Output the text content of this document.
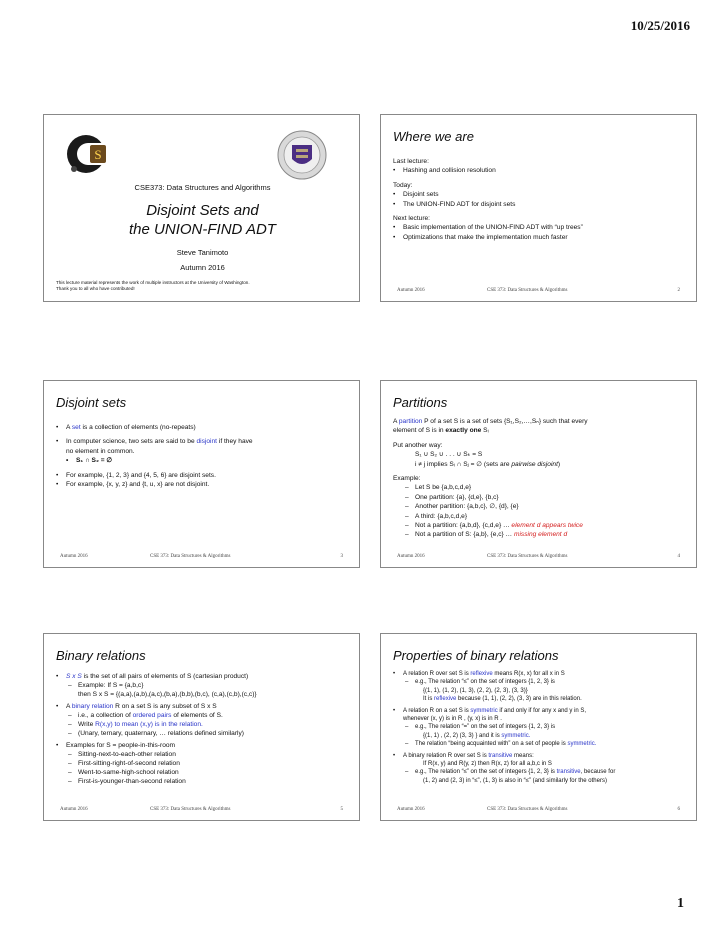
10/25/2016
S
CSE373: Data Structures and Algorithms
Disjoint Sets and
the UNION-FIND ADT
Steve Tanimoto
Autumn 2016
This lecture material represents the work of multiple instructors at the University of Washington.
Thank you to all who have contributed!
Where we are
Last lecture:
• Hashing and collision resolution
Today:
• Disjoint sets
• The UNION-FIND ADT for disjoint sets
Next lecture:
• Basic implementation of the UNION-FIND ADT with “up trees”
• Optimizations that make the implementation much faster
Autumn 2016	CSE 373: Data Structures & Algorithms	2
Disjoint sets
• A set is a collection of elements (no-repeats)
• In computer science, two sets are said to be disjoint if they have
no element in common.
• S₁ ∩ S₂ = ∅
• For example, {1, 2, 3} and {4, 5, 6} are disjoint sets.
• For example, {x, y, z} and {t, u, x} are not disjoint.
Autumn 2016	CSE 373: Data Structures & Algorithms	3
Partitions
A partition P of a set S is a set of sets {S₁,S₂,…,Sₙ} such that every
element of S is in exactly one Sᵢ
Put another way:
S₁ ∪ S₂ ∪ . . . ∪ Sₖ = S
i ≠ j implies Sᵢ ∩ Sⱼ = ∅ (sets are pairwise disjoint)
Example:
– Let S be {a,b,c,d,e}
– One partition: {a}, {d,e}, {b,c}
– Another partition: {a,b,c}, ∅, {d}, {e}
– A third: {a,b,c,d,e}
– Not a partition: {a,b,d}, {c,d,e} … element d appears twice
– Not a partition of S: {a,b}, {e,c} … missing element d
Autumn 2016	CSE 373: Data Structures & Algorithms	4
Binary relations
• S x S is the set of all pairs of elements of S (cartesian product)
– Example: If S = {a,b,c}
then S x S = {(a,a),(a,b),(a,c),(b,a),(b,b),(b,c), (c,a),(c,b),(c,c)}
• A binary relation R on a set S is any subset of S x S
– i.e., a collection of ordered pairs of elements of S.
– Write R(x,y) to mean (x,y) is in the relation.
– (Unary, ternary, quaternary, … relations defined similarly)
• Examples for S = people-in-this-room
– Sitting-next-to-each-other relation
– First-sitting-right-of-second relation
– Went-to-same-high-school relation
– First-is-younger-than-second relation
Autumn 2016	CSE 373: Data Structures & Algorithms	5
Properties of binary relations
• A relation R over set S is reflexive means R(x, x) for all x in S
– e.g., The relation “≤” on the set of integers {1, 2, 3} is
{(1, 1), (1, 2), (1, 3), (2, 2), (2, 3), (3, 3)}
It is reflexive because (1, 1), (2, 2), (3, 3) are in this relation.
• A relation R on a set S is symmetric if and only if for any x and y in S,
whenever (x, y) is in R , (y, x) is in R .
– e.g., The relation “=” on the set of integers {1, 2, 3} is
{(1, 1) , (2, 2) (3, 3) } and it is symmetric.
– The relation “being acquainted with” on a set of people is symmetric.
• A binary relation R over set S is transitive means:
If R(x, y) and R(y, z) then R(x, z) for all a,b,c in S
– e.g., The relation “≤” on the set of integers {1, 2, 3} is transitive, because for
(1, 2) and (2, 3) in “≤”, (1, 3) is also in “≤” (and similarly for the others)
Autumn 2016	CSE 373: Data Structures & Algorithms	6
1
